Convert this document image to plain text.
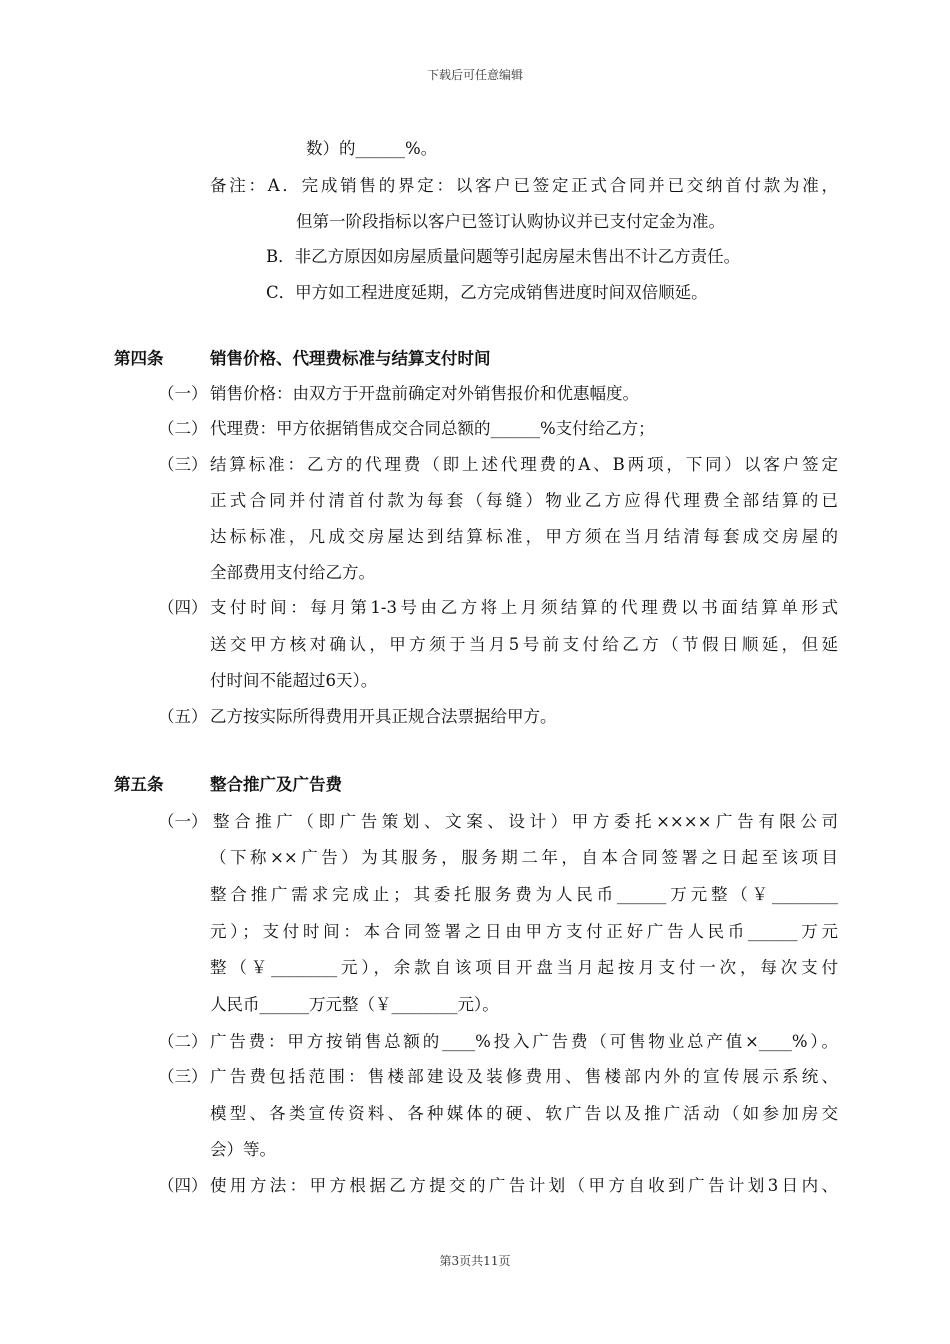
下载后可任意编辑
数）的______%。
备注：A．完成销售的界定：以客户已签定正式合同并已交纳首付款为准，
但第一阶段指标以客户已签订认购协议并已支付定金为准。
B．非乙方原因如房屋质量问题等引起房屋未售出不计乙方责任。
C．甲方如工程进度延期，乙方完成销售进度时间双倍顺延。
第四条	销售价格、代理费标准与结算支付时间
（一） 销售价格：由双方于开盘前确定对外销售报价和优惠幅度。
（二） 代理费：甲方依据销售成交合同总额的______%支付给乙方；
（三） 结算标准：乙方的代理费（即上述代理费的A、B两项，下同）以客户签定
正式合同并付清首付款为每套（每缝）物业乙方应得代理费全部结算的已
达标标准，凡成交房屋达到结算标准，甲方须在当月结清每套成交房屋的
全部费用支付给乙方。
（四） 支付时间：每月第1-3号由乙方将上月须结算的代理费以书面结算单形式
送交甲方核对确认，甲方须于当月5号前支付给乙方（节假日顺延，但延
付时间不能超过6天）。
（五） 乙方按实际所得费用开具正规合法票据给甲方。
第五条	整合推广及广告费
（一） 整合推广（即广告策划、文案、设计）甲方委托××××广告有限公司
（下称××广告）为其服务，服务期二年，自本合同签署之日起至该项目
整合推广需求完成止；其委托服务费为人民币______万元整（￥________
元）；支付时间：本合同签署之日由甲方支付正好广告人民币______万元
整（￥________元），余款自该项目开盘当月起按月支付一次，每次支付
人民币______万元整（￥________元）。
（二） 广告费：甲方按销售总额的____%投入广告费（可售物业总产值×____%）。
（三） 广告费包括范围：售楼部建设及装修费用、售楼部内外的宣传展示系统、
模型、各类宣传资料、各种媒体的硬、软广告以及推广活动（如参加房交
会）等。
（四） 使用方法：甲方根据乙方提交的广告计划（甲方自收到广告计划3日内、
第3页共11页
